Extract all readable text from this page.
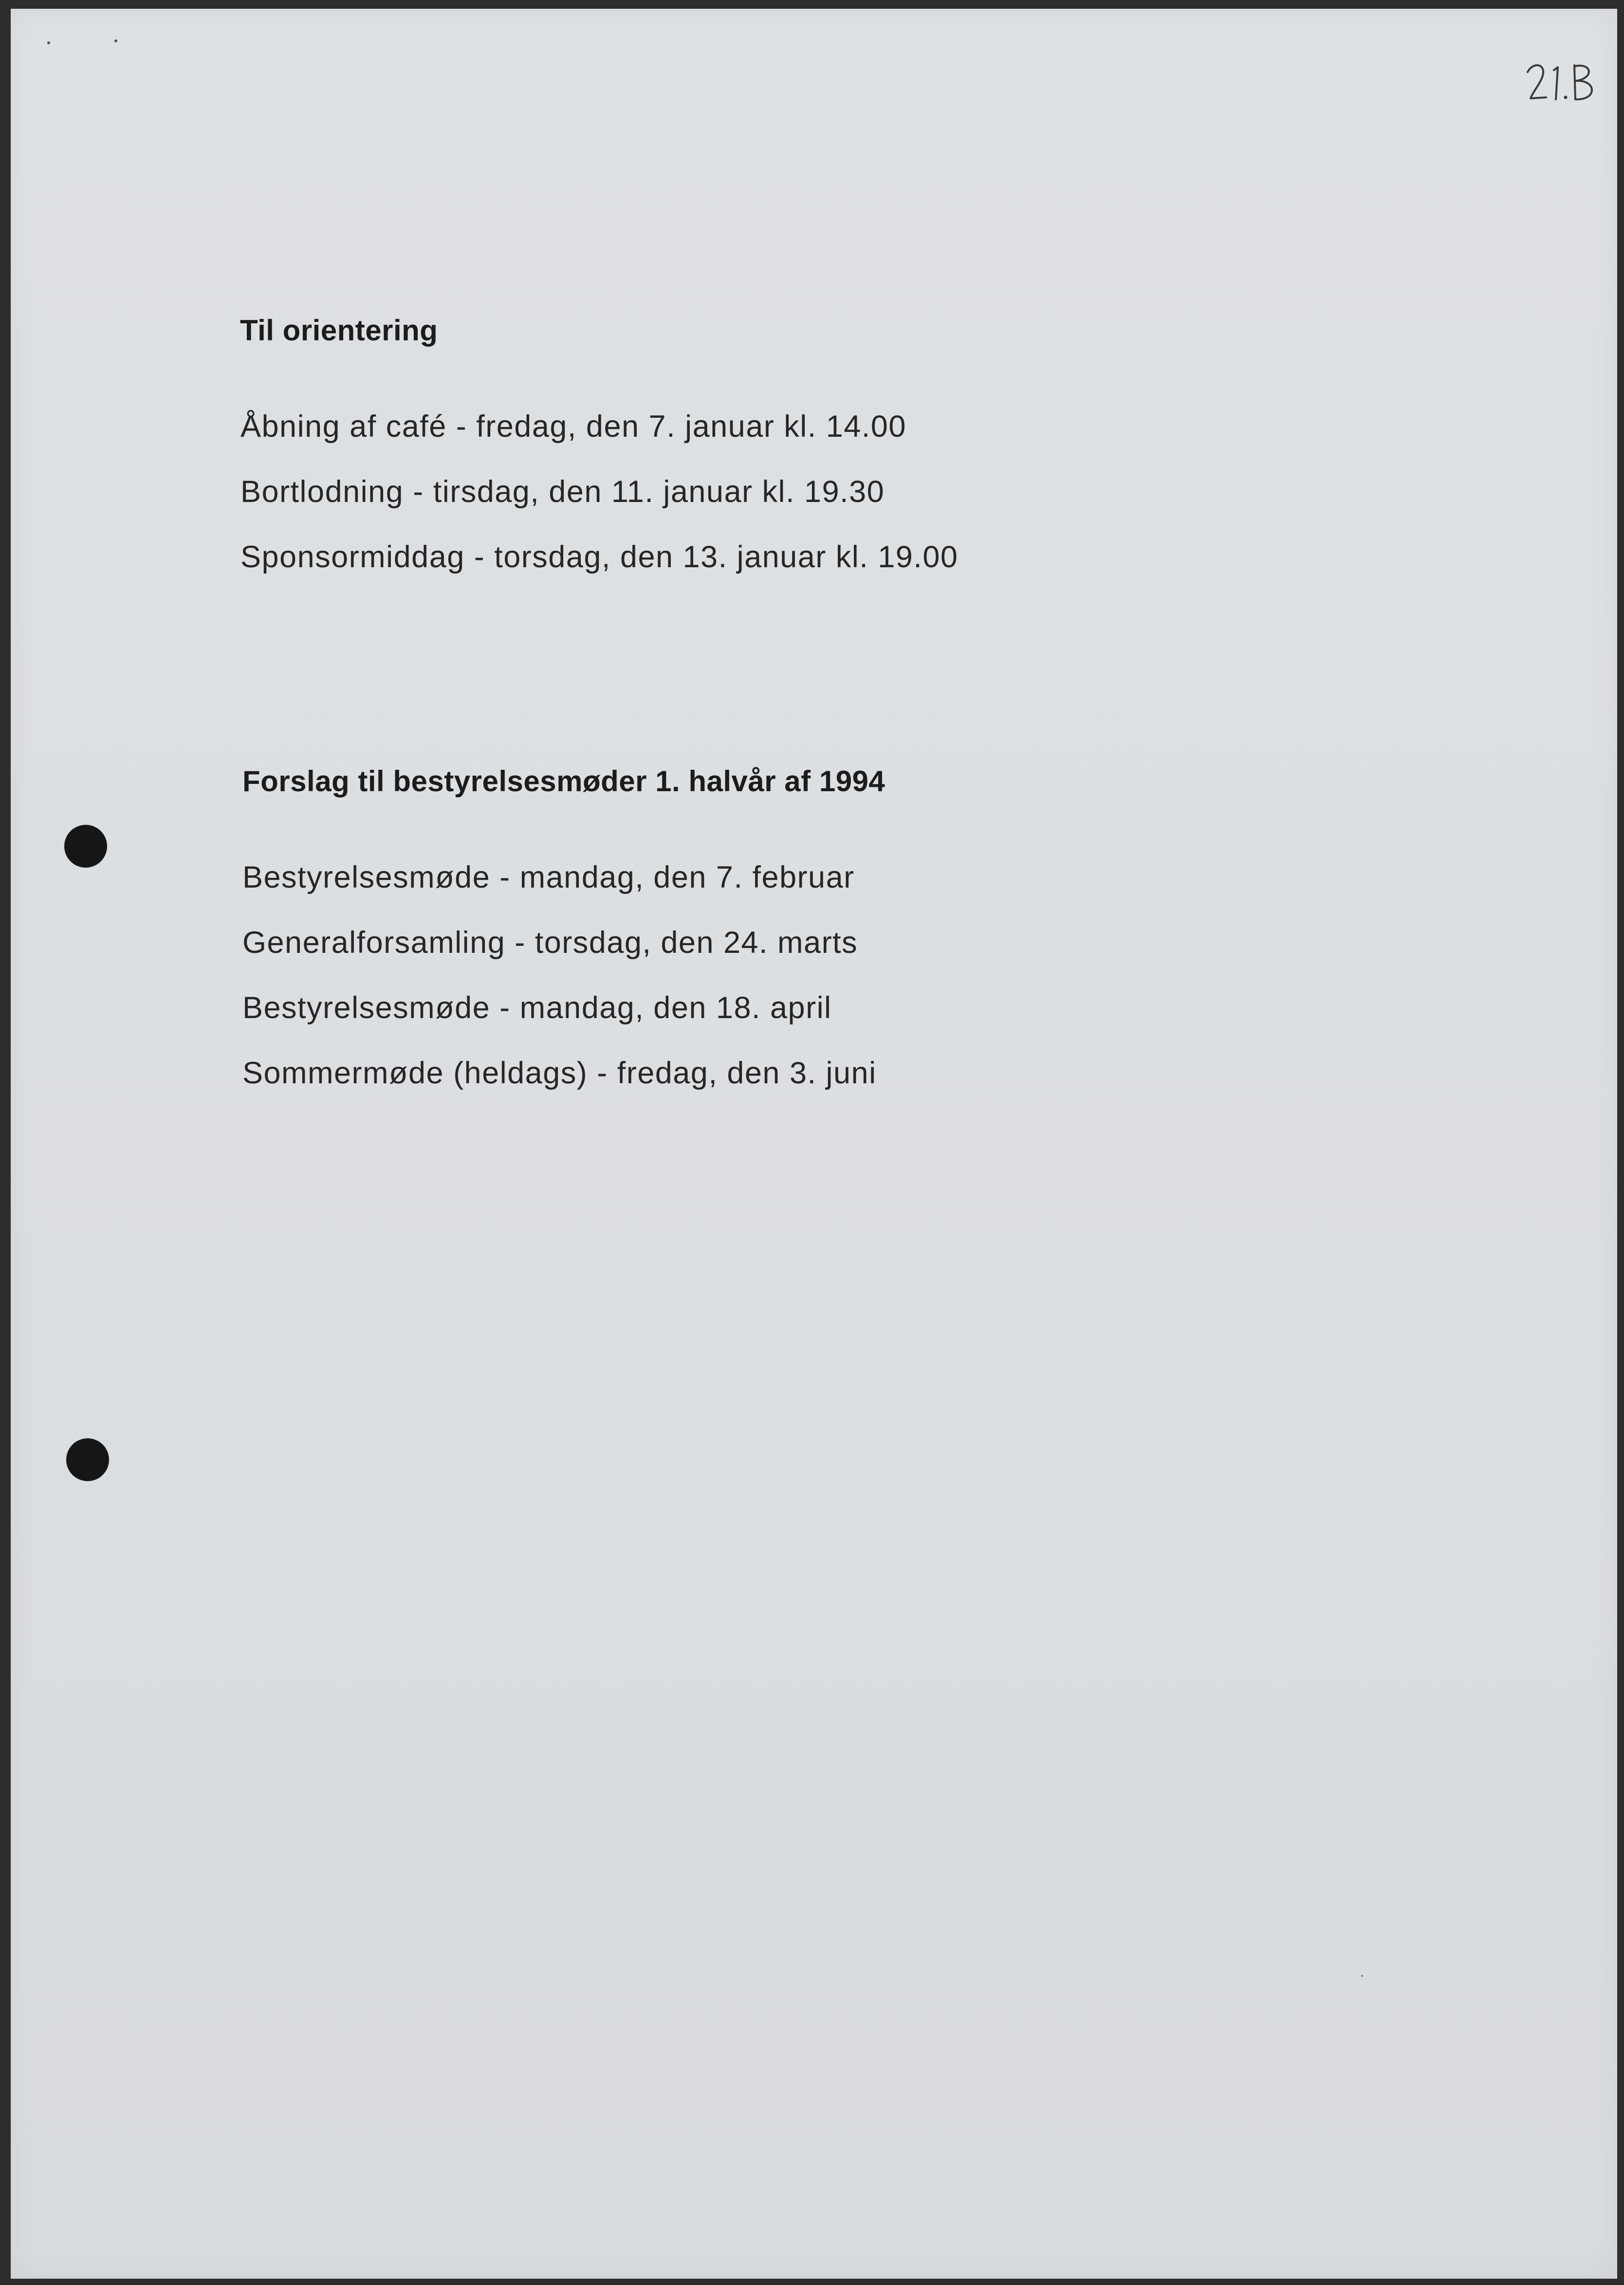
Til orientering
Åbning af café - fredag, den 7. januar kl. 14.00
Bortlodning - tirsdag, den 11. januar kl. 19.30
Sponsormiddag - torsdag, den 13. januar kl. 19.00
Forslag til bestyrelsesmøder 1. halvår af 1994
Bestyrelsesmøde - mandag, den 7. februar
Generalforsamling - torsdag, den 24. marts
Bestyrelsesmøde - mandag, den 18. april
Sommermøde (heldags) - fredag, den 3. juni
